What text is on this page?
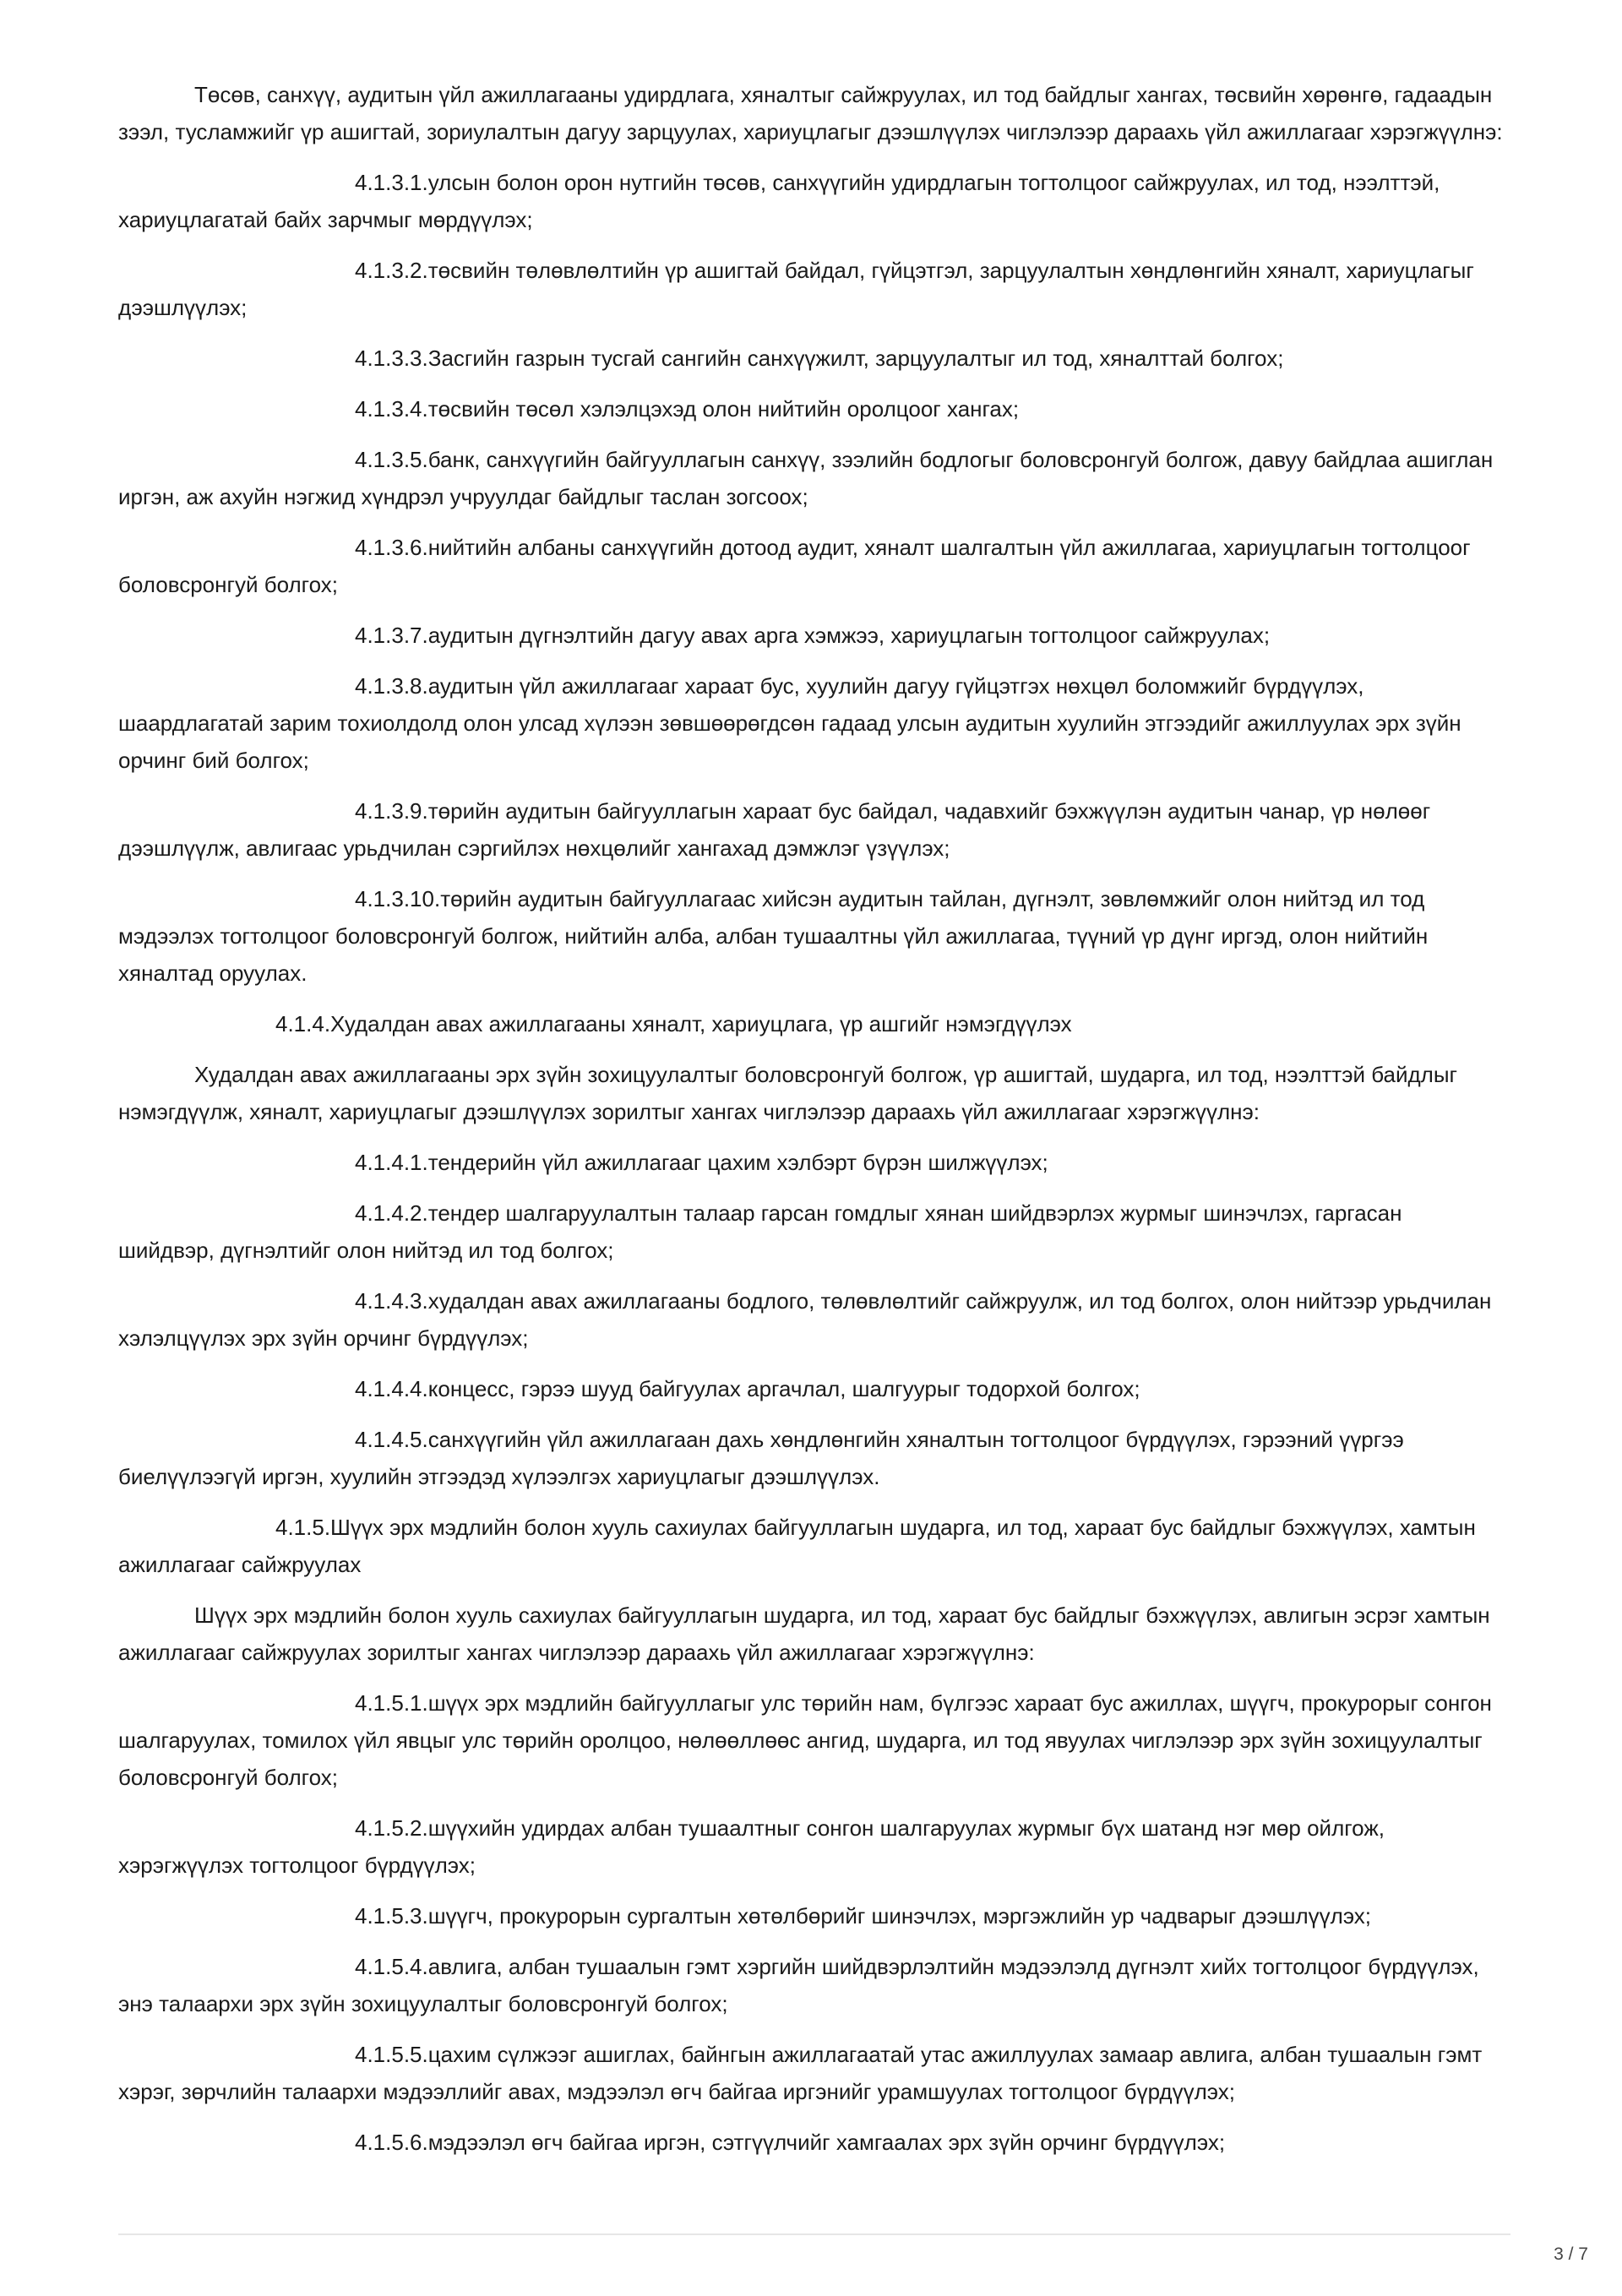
Төсөв, санхүү, аудитын үйл ажиллагааны удирдлага, хяналтыг сайжруулах, ил тод байдлыг хангах, төсвийн хөрөнгө, гадаадын зээл, тусламжийг үр ашигтай, зориулалтын дагуу зарцуулах, хариуцлагыг дээшлүүлэх чиглэлээр дараахь үйл ажиллагааг хэрэгжүүлнэ:

4.1.3.1.улсын болон орон нутгийн төсөв, санхүүгийн удирдлагын тогтолцоог сайжруулах, ил тод, нээлттэй, хариуцлагатай байх зарчмыг мөрдүүлэх;

4.1.3.2.төсвийн төлөвлөлтийн үр ашигтай байдал, гүйцэтгэл, зарцуулалтын хөндлөнгийн хяналт, хариуцлагыг дээшлүүлэх;

4.1.3.3.Засгийн газрын тусгай сангийн санхүүжилт, зарцуулалтыг ил тод, хяналттай болгох;

4.1.3.4.төсвийн төсөл хэлэлцэхэд олон нийтийн оролцоог хангах;

4.1.3.5.банк, санхүүгийн байгууллагын санхүү, зээлийн бодлогыг боловсронгуй болгож, давуу байдлаа ашиглан иргэн, аж ахуйн нэгжид хүндрэл учруулдаг байдлыг таслан зогсоох;

4.1.3.6.нийтийн албаны санхүүгийн дотоод аудит, хяналт шалгалтын үйл ажиллагаа, хариуцлагын тогтолцоог боловсронгуй болгох;

4.1.3.7.аудитын дүгнэлтийн дагуу авах арга хэмжээ, хариуцлагын тогтолцоог сайжруулах;

4.1.3.8.аудитын үйл ажиллагааг хараат бус, хуулийн дагуу гүйцэтгэх нөхцөл боломжийг бүрдүүлэх, шаардлагатай зарим тохиолдолд олон улсад хүлээн зөвшөөрөгдсөн гадаад улсын аудитын хуулийн этгээдийг ажиллуулах эрх зүйн орчинг бий болгох;

4.1.3.9.төрийн аудитын байгууллагын хараат бус байдал, чадавхийг бэхжүүлэн аудитын чанар, үр нөлөөг дээшлүүлж, авлигаас урьдчилан сэргийлэх нөхцөлийг хангахад дэмжлэг үзүүлэх;

4.1.3.10.төрийн аудитын байгууллагаас хийсэн аудитын тайлан, дүгнэлт, зөвлөмжийг олон нийтэд ил тод мэдээлэх тогтолцоог боловсронгуй болгож, нийтийн алба, албан тушаалтны үйл ажиллагаа, түүний үр дүнг иргэд, олон нийтийн хяналтад оруулах.

4.1.4.Худалдан авах ажиллагааны хяналт, хариуцлага, үр ашгийг нэмэгдүүлэх

Худалдан авах ажиллагааны эрх зүйн зохицуулалтыг боловсронгуй болгож, үр ашигтай, шударга, ил тод, нээлттэй байдлыг нэмэгдүүлж, хяналт, хариуцлагыг дээшлүүлэх зорилтыг хангах чиглэлээр дараахь үйл ажиллагааг хэрэгжүүлнэ:

4.1.4.1.тендерийн үйл ажиллагааг цахим хэлбэрт бүрэн шилжүүлэх;

4.1.4.2.тендер шалгаруулалтын талаар гарсан гомдлыг хянан шийдвэрлэх журмыг шинэчлэх, гаргасан шийдвэр, дүгнэлтийг олон нийтэд ил тод болгох;

4.1.4.3.худалдан авах ажиллагааны бодлого, төлөвлөлтийг сайжруулж, ил тод болгох, олон нийтээр урьдчилан хэлэлцүүлэх эрх зүйн орчинг бүрдүүлэх;

4.1.4.4.концесс, гэрээ шууд байгуулах аргачлал, шалгуурыг тодорхой болгох;

4.1.4.5.санхүүгийн үйл ажиллагаан дахь хөндлөнгийн хяналтын тогтолцоог бүрдүүлэх, гэрээний үүргээ биелүүлээгүй иргэн, хуулийн этгээдэд хүлээлгэх хариуцлагыг дээшлүүлэх.

4.1.5.Шүүх эрх мэдлийн болон хууль сахиулах байгууллагын шударга, ил тод, хараат бус байдлыг бэхжүүлэх, хамтын ажиллагааг сайжруулах

Шүүх эрх мэдлийн болон хууль сахиулах байгууллагын шударга, ил тод, хараат бус байдлыг бэхжүүлэх, авлигын эсрэг хамтын ажиллагааг сайжруулах зорилтыг хангах чиглэлээр дараахь үйл ажиллагааг хэрэгжүүлнэ:

4.1.5.1.шүүх эрх мэдлийн байгууллагыг улс төрийн нам, бүлгээс хараат бус ажиллах, шүүгч, прокурорыг сонгон шалгаруулах, томилох үйл явцыг улс төрийн оролцоо, нөлөөллөөс ангид, шударга, ил тод явуулах чиглэлээр эрх зүйн зохицуулалтыг боловсронгуй болгох;

4.1.5.2.шүүхийн удирдах албан тушаалтныг сонгон шалгаруулах журмыг бүх шатанд нэг мөр ойлгож, хэрэгжүүлэх тогтолцоог бүрдүүлэх;

4.1.5.3.шүүгч, прокурорын сургалтын хөтөлбөрийг шинэчлэх, мэргэжлийн ур чадварыг дээшлүүлэх;

4.1.5.4.авлига, албан тушаалын гэмт хэргийн шийдвэрлэлтийн мэдээлэлд дүгнэлт хийх тогтолцоог бүрдүүлэх, энэ талаархи эрх зүйн зохицуулалтыг боловсронгуй болгох;

4.1.5.5.цахим сүлжээг ашиглах, байнгын ажиллагаатай утас ажиллуулах замаар авлига, албан тушаалын гэмт хэрэг, зөрчлийн талаархи мэдээллийг авах, мэдээлэл өгч байгаа иргэнийг урамшуулах тогтолцоог бүрдүүлэх;

4.1.5.6.мэдээлэл өгч байгаа иргэн, сэтгүүлчийг хамгаалах эрх зүйн орчинг бүрдүүлэх;

3 / 7
